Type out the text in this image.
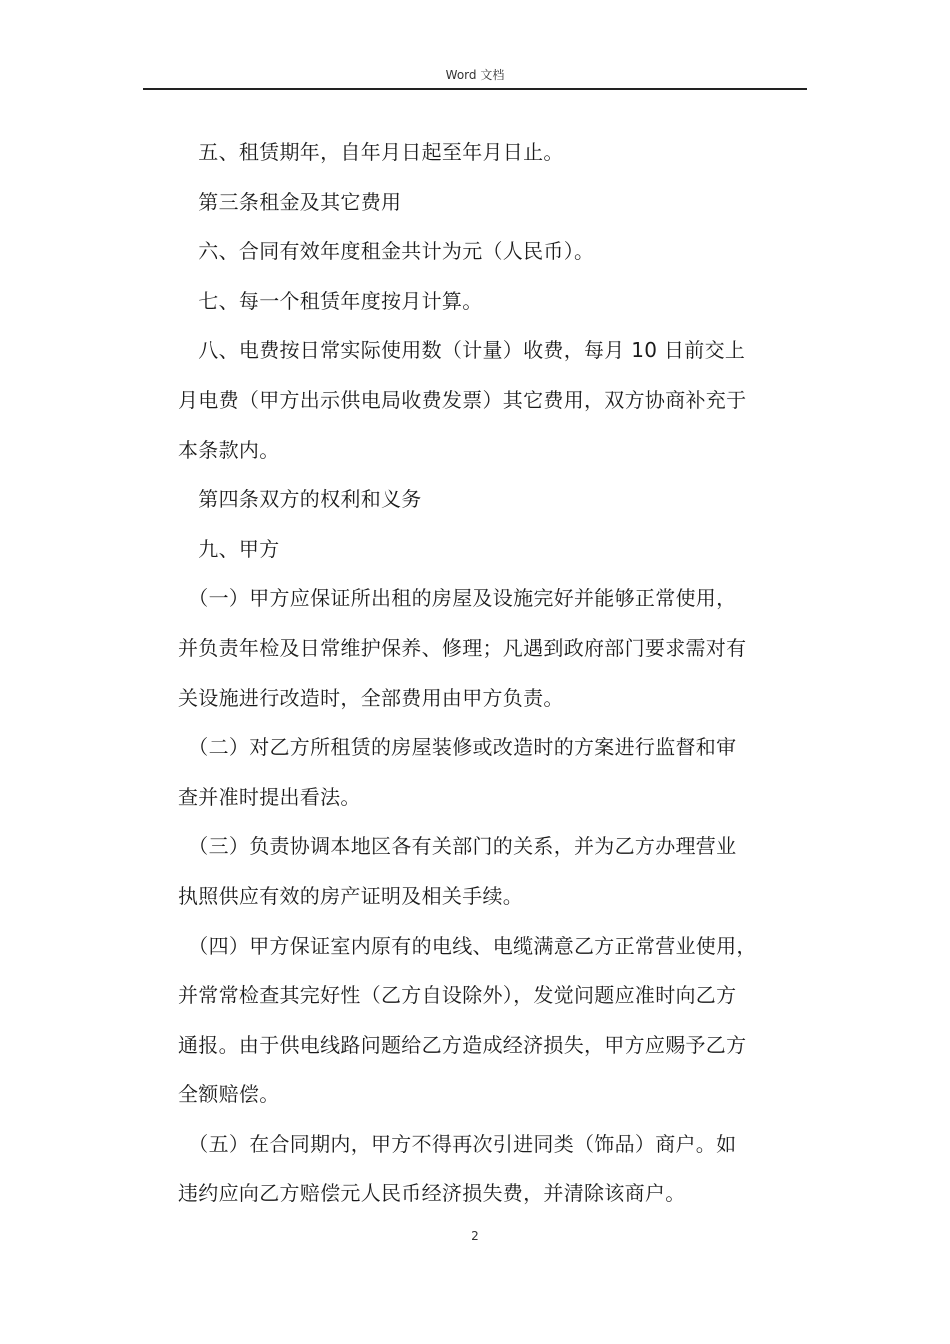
Word 文档

　五、租赁期年，自年月日起至年月日止。

　第三条租金及其它费用

　六、合同有效年度租金共计为元（人民币）。

　七、每一个租赁年度按月计算。

　八、电费按日常实际使用数（计量）收费，每月 10 日前交上

月电费（甲方出示供电局收费发票）其它费用，双方协商补充于

本条款内。

　第四条双方的权利和义务

　九、甲方

　（一）甲方应保证所出租的房屋及设施完好并能够正常使用，

并负责年检及日常维护保养、修理；凡遇到政府部门要求需对有

关设施进行改造时，全部费用由甲方负责。

　（二）对乙方所租赁的房屋装修或改造时的方案进行监督和审

查并准时提出看法。

　（三）负责协调本地区各有关部门的关系，并为乙方办理营业

执照供应有效的房产证明及相关手续。

　（四）甲方保证室内原有的电线、电缆满意乙方正常营业使用，

并常常检查其完好性（乙方自设除外），发觉问题应准时向乙方

通报。由于供电线路问题给乙方造成经济损失，甲方应赐予乙方

全额赔偿。

　（五）在合同期内，甲方不得再次引进同类（饰品）商户。如

违约应向乙方赔偿元人民币经济损失费，并清除该商户。

2
